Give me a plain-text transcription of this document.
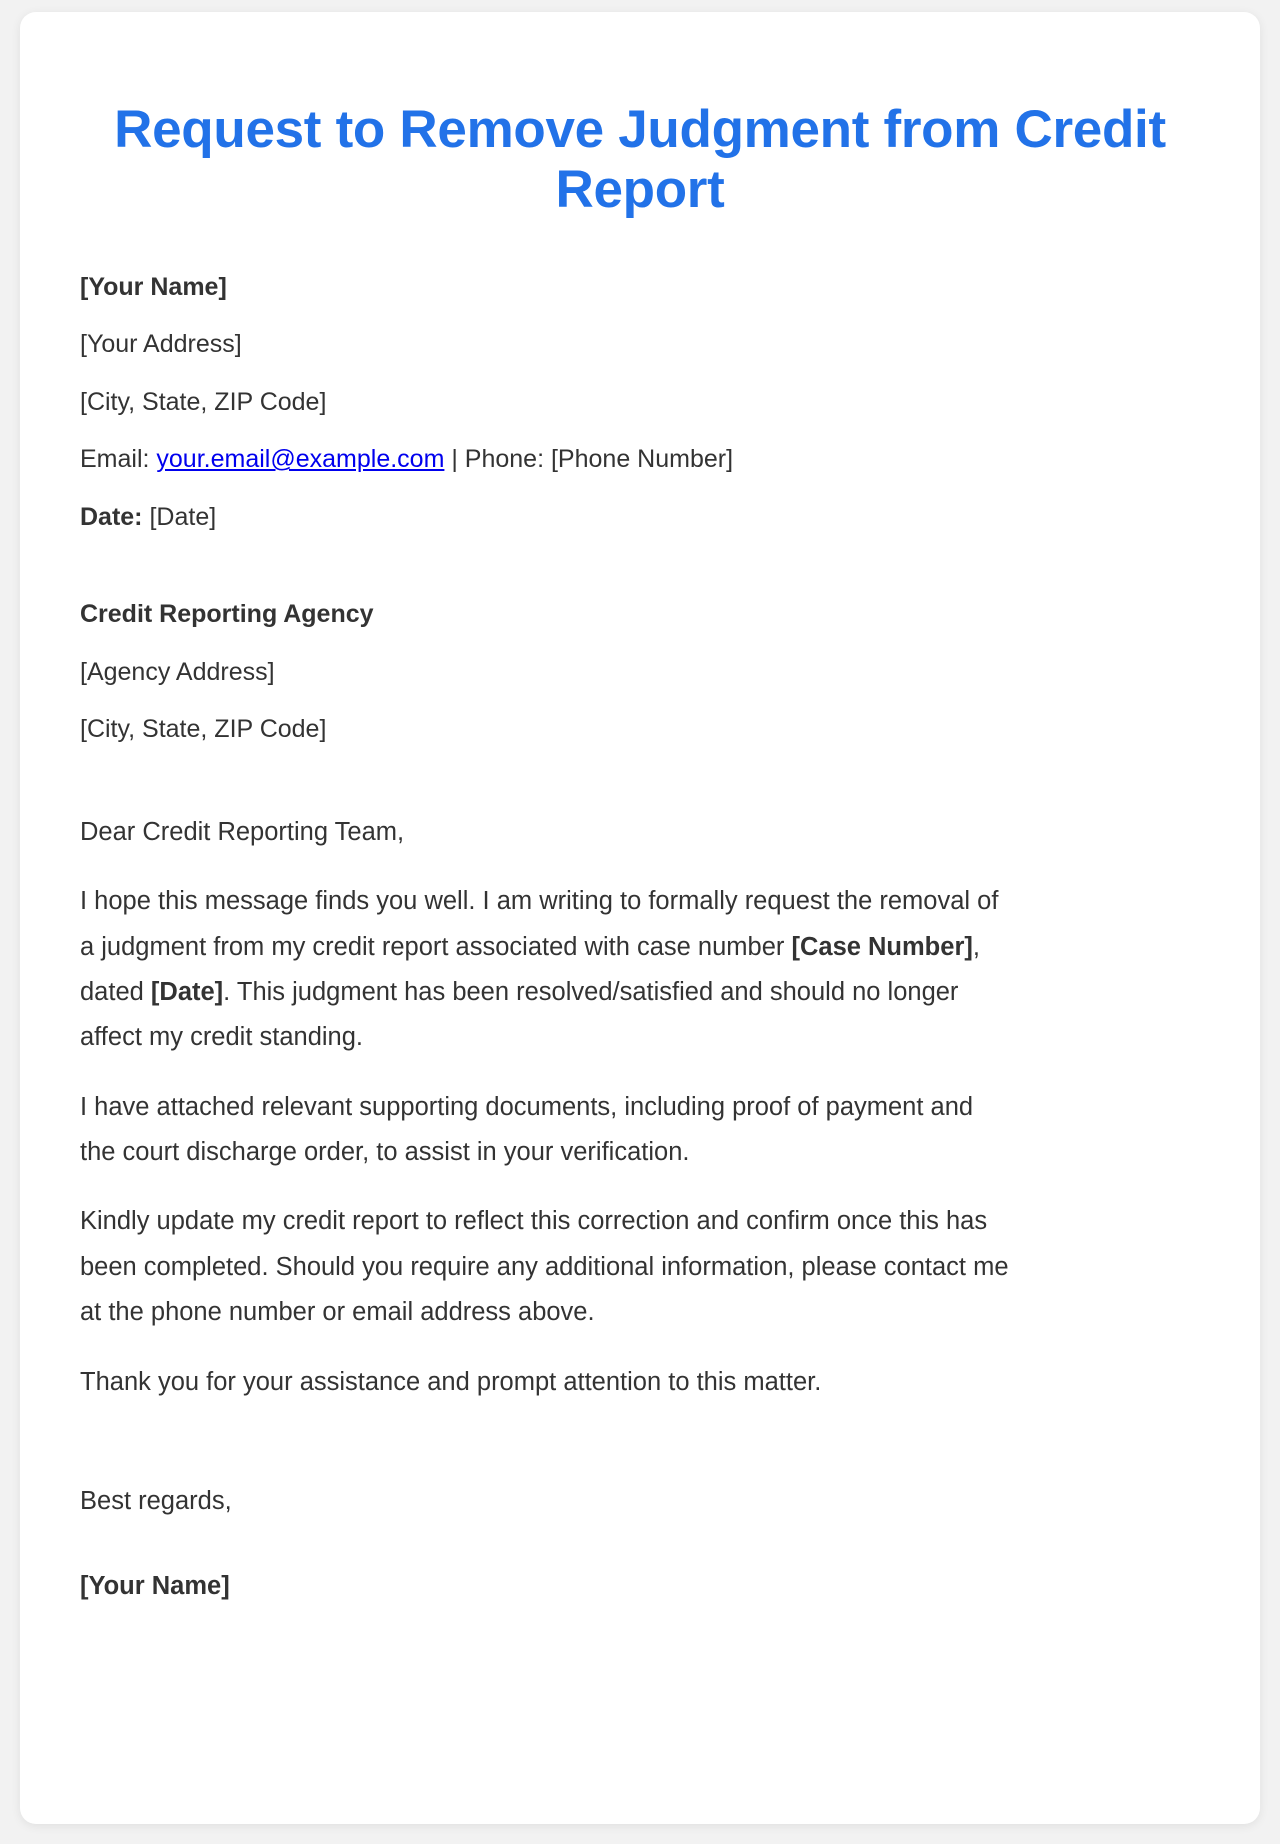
Request to Remove Judgment from Credit Report

[Your Name]

[Your Address]

[City, State, ZIP Code]

Email: your.email@example.com | Phone: [Phone Number]

Date: [Date]

Credit Reporting Agency

[Agency Address]

[City, State, ZIP Code]

Dear Credit Reporting Team,

I hope this message finds you well. I am writing to formally request the removal of a judgment from my credit report associated with case number [Case Number], dated [Date]. This judgment has been resolved/satisfied and should no longer affect my credit standing.

I have attached relevant supporting documents, including proof of payment and the court discharge order, to assist in your verification.

Kindly update my credit report to reflect this correction and confirm once this has been completed. Should you require any additional information, please contact me at the phone number or email address above.

Thank you for your assistance and prompt attention to this matter.

Best regards,

[Your Name]
